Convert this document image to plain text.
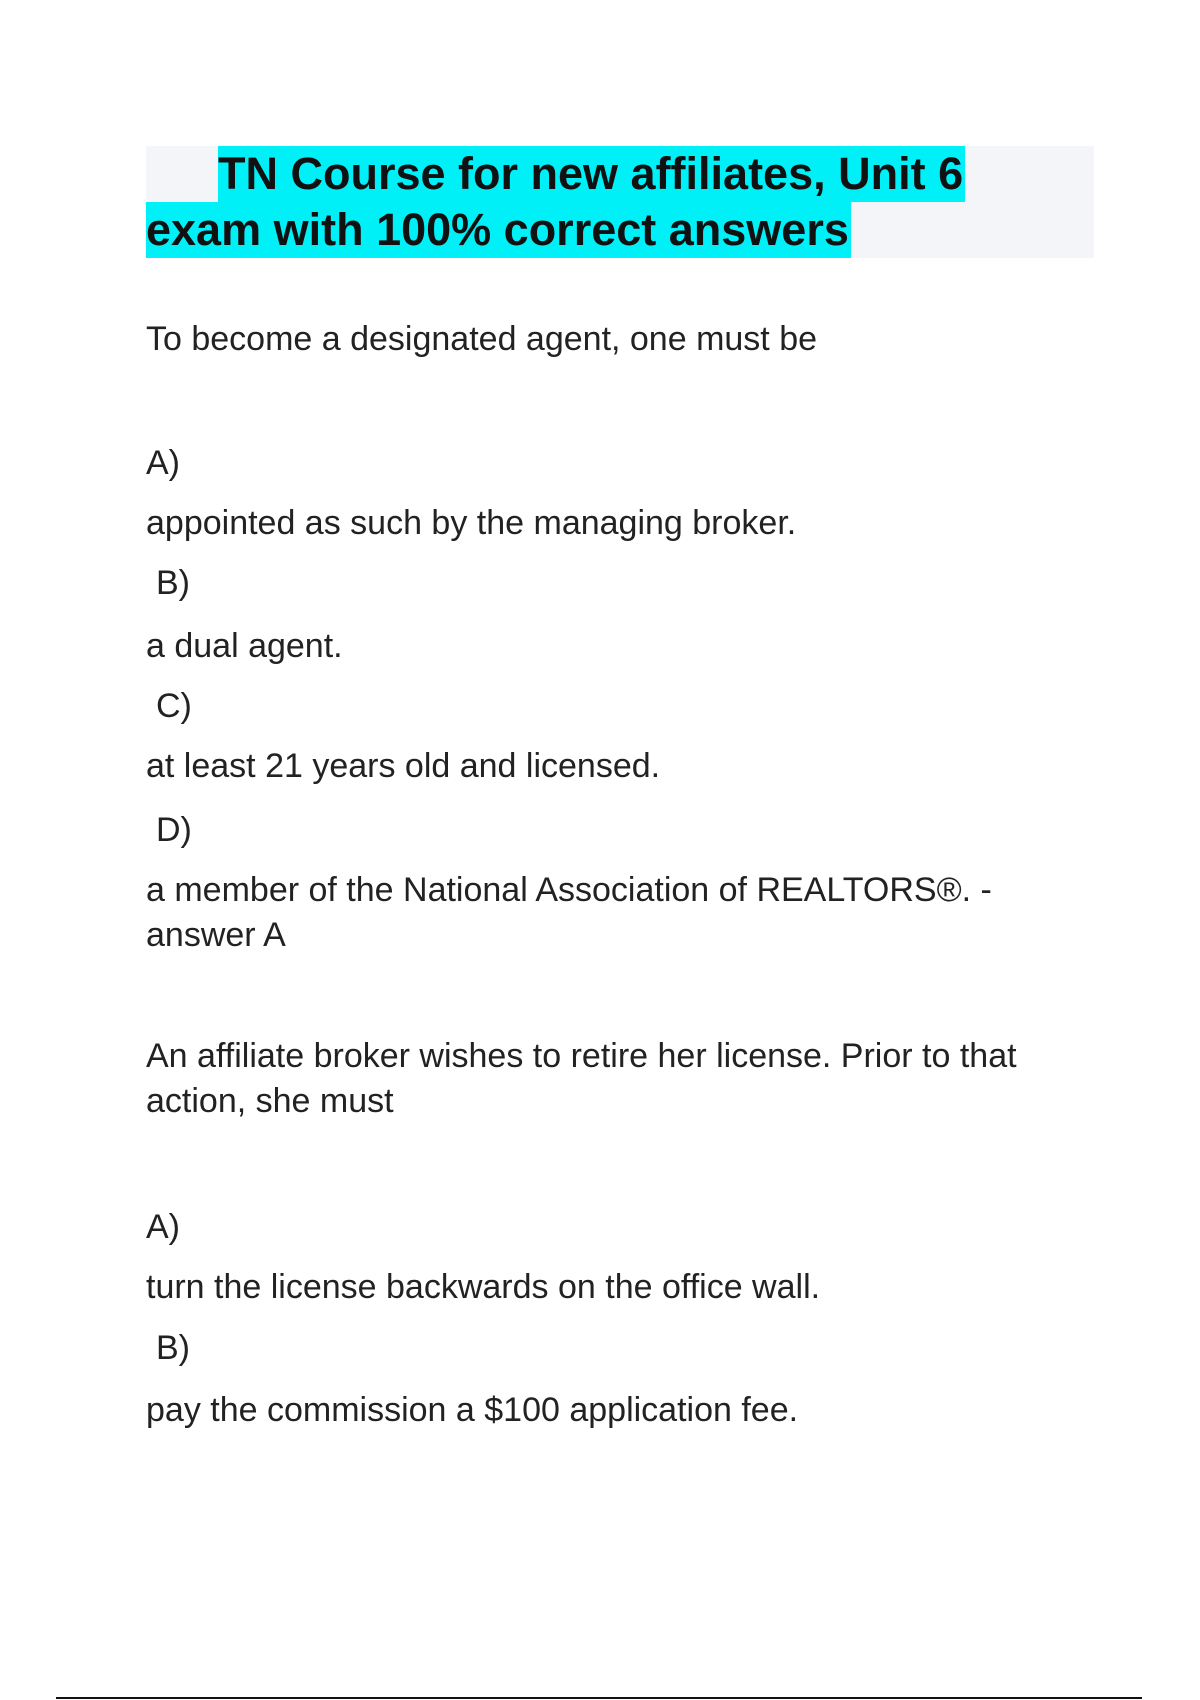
TN Course for new affiliates, Unit 6
exam with 100% correct answers
To become a designated agent, one must be
A)
appointed as such by the managing broker.
B)
a dual agent.
C)
at least 21 years old and licensed.
D)
a member of the National Association of REALTORS®. -
answer A
An affiliate broker wishes to retire her license. Prior to that
action, she must
A)
turn the license backwards on the office wall.
B)
pay the commission a $100 application fee.
